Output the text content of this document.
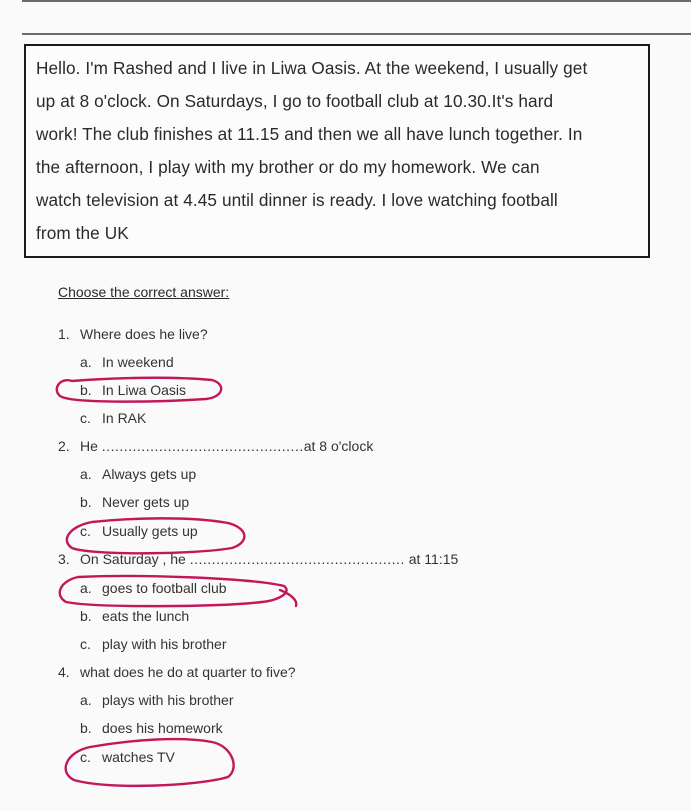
Hello. I'm Rashed and I live in Liwa Oasis. At the weekend, I usually get
up at 8 o'clock. On Saturdays, I go to football club at 10.30.It's hard
work! The club finishes at 11.15 and then we all have lunch together. In
the afternoon, I play with my brother or do my homework. We can
watch television at 4.45 until dinner is ready. I love watching football
from the UK
Choose the correct answer:
1. Where does he live?
a. In weekend
b. In Liwa Oasis
c. In RAK
2. He ..............................................at 8 o'clock
a. Always gets up
b. Never gets up
c. Usually gets up
3. On Saturday , he ................................................. at 11:15
a. goes to football club
b. eats the lunch
c. play with his brother
4. what does he do at quarter to five?
a. plays with his brother
b. does his homework
c. watches TV
